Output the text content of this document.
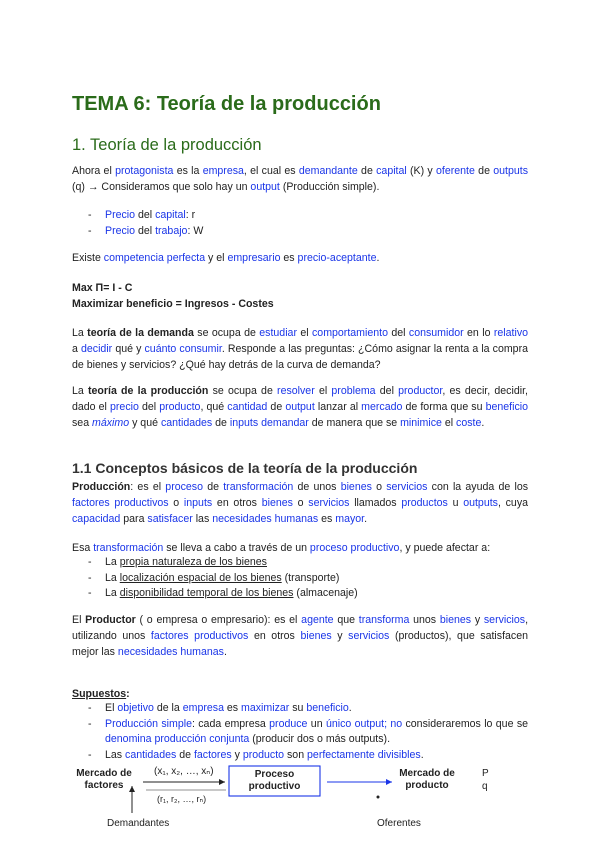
TEMA 6: Teoría de la producción
1. Teoría de la producción

Ahora el protagonista es la empresa, el cual es demandante de capital (K) y oferente de outputs (q) → Consideramos que solo hay un output (Producción simple).

- Precio del capital: r
- Precio del trabajo: W

Existe competencia perfecta y el empresario es precio-aceptante.

Max Π= I - C

Maximizar beneficio = Ingresos - Costes

La teoría de la demanda se ocupa de estudiar el comportamiento del consumidor en lo relativo a decidir qué y cuánto consumir. Responde a las preguntas: ¿Cómo asignar la renta a la compra de bienes y servicios? ¿Qué hay detrás de la curva de demanda?

La teoría de la producción se ocupa de resolver el problema del productor, es decir, decidir, dado el precio del producto, qué cantidad de output lanzar al mercado de forma que su beneficio sea máximo y qué cantidades de inputs demandar de manera que se minimice el coste.

1.1 Conceptos básicos de la teoría de la producción

Producción: es el proceso de transformación de unos bienes o servicios con la ayuda de los factores productivos o inputs en otros bienes o servicios llamados productos u outputs, cuya capacidad para satisfacer las necesidades humanas es mayor.

Esa transformación se lleva a cabo a través de un proceso productivo, y puede afectar a:

- La propia naturaleza de los bienes
- La localización espacial de los bienes (transporte)
- La disponibilidad temporal de los bienes (almacenaje)

El Productor ( o empresa o empresario): es el agente que transforma unos bienes y servicios, utilizando unos factores productivos en otros bienes y servicios (productos), que satisfacen mejor las necesidades humanas.

Supuestos:

- El objetivo de la empresa es maximizar su beneficio.
- Producción simple: cada empresa produce un único output; no consideraremos lo que se denomina producción conjunta (producir dos o más outputs).
- Las cantidades de factores y producto son perfectamente divisibles.
Mercado de
factores
(x₁, x₂, …, xₙ)
(r₁, r₂, …, rₙ)
Proceso
productivo
Mercado de
producto
P
q
Demandantes	Oferentes
